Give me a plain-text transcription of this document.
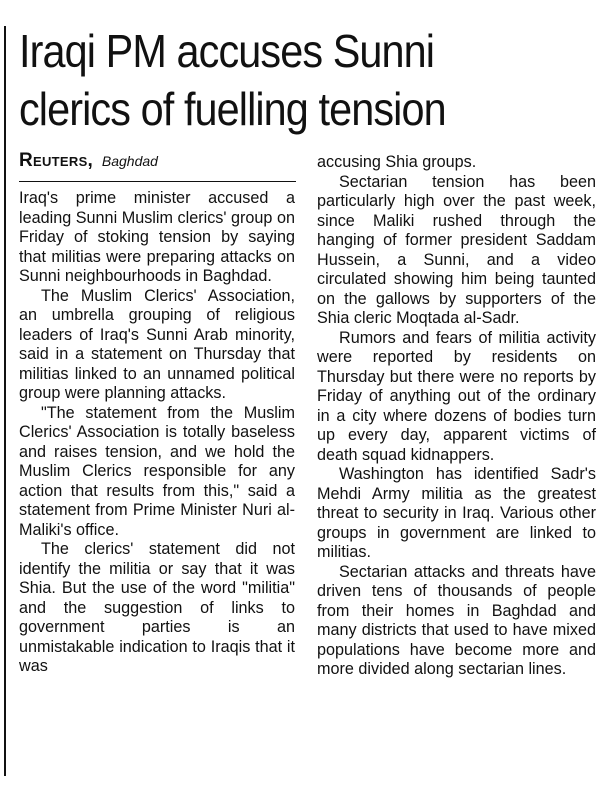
Iraqi PM accuses Sunni
clerics of fuelling tension
Reuters, Baghdad

Iraq's prime minister accused a leading Sunni Muslim clerics' group on Friday of stoking tension by saying that militias were preparing attacks on Sunni neighbourhoods in Baghdad.

The Muslim Clerics' Association, an umbrella grouping of religious leaders of Iraq's Sunni Arab minority, said in a statement on Thursday that militias linked to an unnamed political group were planning attacks.

"The statement from the Muslim Clerics' Association is totally baseless and raises tension, and we hold the Muslim Clerics responsible for any action that results from this," said a statement from Prime Minister Nuri al-Maliki's office.

The clerics' statement did not identify the militia or say that it was Shia. But the use of the word "militia" and the suggestion of links to government parties is an unmistakable indication to Iraqis that it was

accusing Shia groups.

Sectarian tension has been particularly high over the past week, since Maliki rushed through the hanging of former president Saddam Hussein, a Sunni, and a video circulated showing him being taunted on the gallows by supporters of the Shia cleric Moqtada al-Sadr.

Rumors and fears of militia activity were reported by residents on Thursday but there were no reports by Friday of anything out of the ordinary in a city where dozens of bodies turn up every day, apparent victims of death squad kidnappers.

Washington has identified Sadr's Mehdi Army militia as the greatest threat to security in Iraq. Various other groups in government are linked to militias.

Sectarian attacks and threats have driven tens of thousands of people from their homes in Baghdad and many districts that used to have mixed populations have become more and more divided along sectarian lines.
